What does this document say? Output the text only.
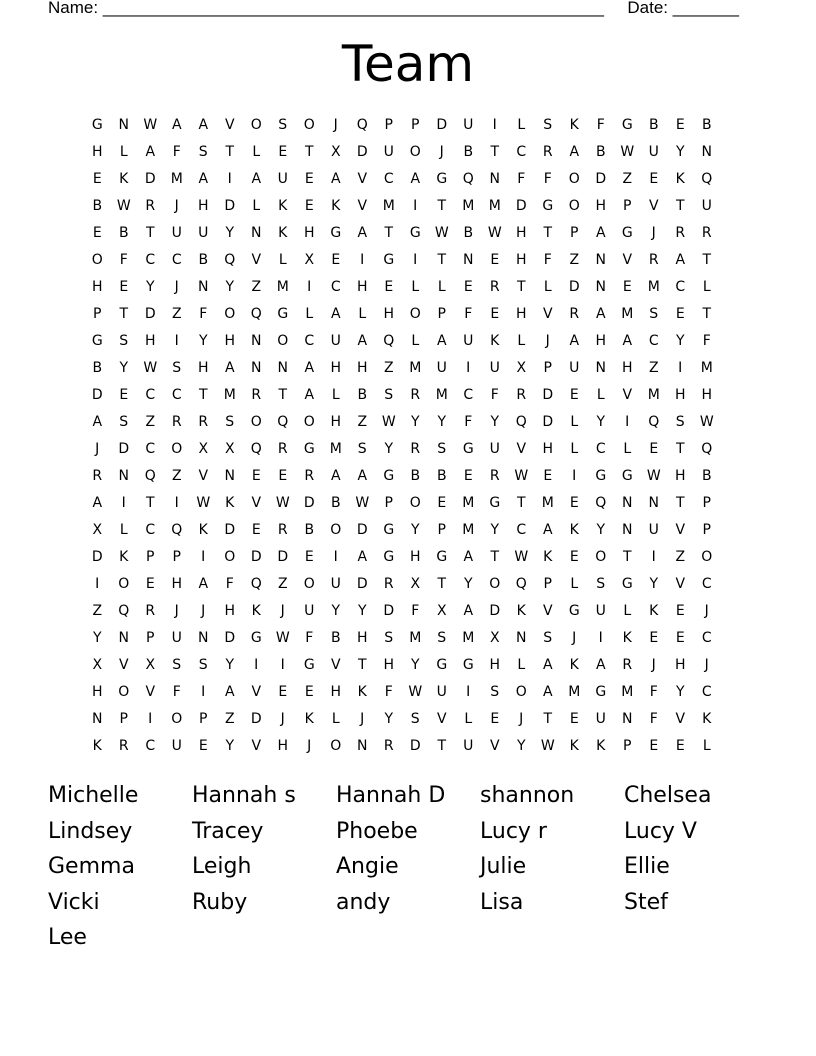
Name: _____________________________________________________ Date: _______
Team
G	N	W	A	A	V	O	S	O	J	Q	P	P	D	U	I	L	S	K	F	G	B	E	B
H	L	A	F	S	T	L	E	T	X	D	U	O	J	B	T	C	R	A	B	W	U	Y	N
E	K	D	M	A	I	A	U	E	A	V	C	A	G	Q	N	F	F	O	D	Z	E	K	Q
B	W	R	J	H	D	L	K	E	K	V	M	I	T	M	M	D	G	O	H	P	V	T	U
E	B	T	U	U	Y	N	K	H	G	A	T	G	W	B	W	H	T	P	A	G	J	R	R
O	F	C	C	B	Q	V	L	X	E	I	G	I	T	N	E	H	F	Z	N	V	R	A	T
H	E	Y	J	N	Y	Z	M	I	C	H	E	L	L	E	R	T	L	D	N	E	M	C	L
P	T	D	Z	F	O	Q	G	L	A	L	H	O	P	F	E	H	V	R	A	M	S	E	T
G	S	H	I	Y	H	N	O	C	U	A	Q	L	A	U	K	L	J	A	H	A	C	Y	F
B	Y	W	S	H	A	N	N	A	H	H	Z	M	U	I	U	X	P	U	N	H	Z	I	M
D	E	C	C	T	M	R	T	A	L	B	S	R	M	C	F	R	D	E	L	V	M	H	H
A	S	Z	R	R	S	O	Q	O	H	Z	W	Y	Y	F	Y	Q	D	L	Y	I	Q	S	W
J	D	C	O	X	X	Q	R	G	M	S	Y	R	S	G	U	V	H	L	C	L	E	T	Q
R	N	Q	Z	V	N	E	E	R	A	A	G	B	B	E	R	W	E	I	G	G	W	H	B
A	I	T	I	W	K	V	W	D	B	W	P	O	E	M	G	T	M	E	Q	N	N	T	P
X	L	C	Q	K	D	E	R	B	O	D	G	Y	P	M	Y	C	A	K	Y	N	U	V	P
D	K	P	P	I	O	D	D	E	I	A	G	H	G	A	T	W	K	E	O	T	I	Z	O
I	O	E	H	A	F	Q	Z	O	U	D	R	X	T	Y	O	Q	P	L	S	G	Y	V	C
Z	Q	R	J	J	H	K	J	U	Y	Y	D	F	X	A	D	K	V	G	U	L	K	E	J
Y	N	P	U	N	D	G	W	F	B	H	S	M	S	M	X	N	S	J	I	K	E	E	C
X	V	X	S	S	Y	I	I	G	V	T	H	Y	G	G	H	L	A	K	A	R	J	H	J
H	O	V	F	I	A	V	E	E	H	K	F	W	U	I	S	O	A	M	G	M	F	Y	C
N	P	I	O	P	Z	D	J	K	L	J	Y	S	V	L	E	J	T	E	U	N	F	V	K
K	R	C	U	E	Y	V	H	J	O	N	R	D	T	U	V	Y	W	K	K	P	E	E	L
Michelle	Hannah s	Hannah D	shannon	Chelsea
Lindsey	Tracey	Phoebe	Lucy r	Lucy V
Gemma	Leigh	Angie	Julie	Ellie
Vicki	Ruby	andy	Lisa	Stef
Lee
